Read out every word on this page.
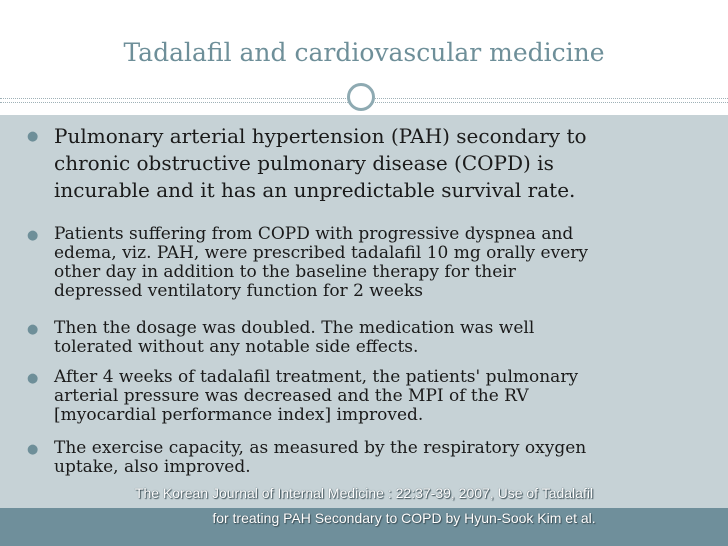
Tadalafil and cardiovascular medicine
● Pulmonary arterial hypertension (PAH) secondary to
chronic obstructive pulmonary disease (COPD) is
incurable and it has an unpredictable survival rate.
● Patients suffering from COPD with progressive dyspnea and
edema, viz. PAH, were prescribed tadalafil 10 mg orally every
other day in addition to the baseline therapy for their
depressed ventilatory function for 2 weeks
● Then the dosage was doubled. The medication was well
tolerated without any notable side effects.
● After 4 weeks of tadalafil treatment, the patients' pulmonary
arterial pressure was decreased and the MPI of the RV
[myocardial performance index] improved.
● The exercise capacity, as measured by the respiratory oxygen
uptake, also improved.
The Korean Journal of Internal Medicine : 22:37-39, 2007, Use of Tadalafil
for treating PAH Secondary to COPD by Hyun-Sook Kim et al.
